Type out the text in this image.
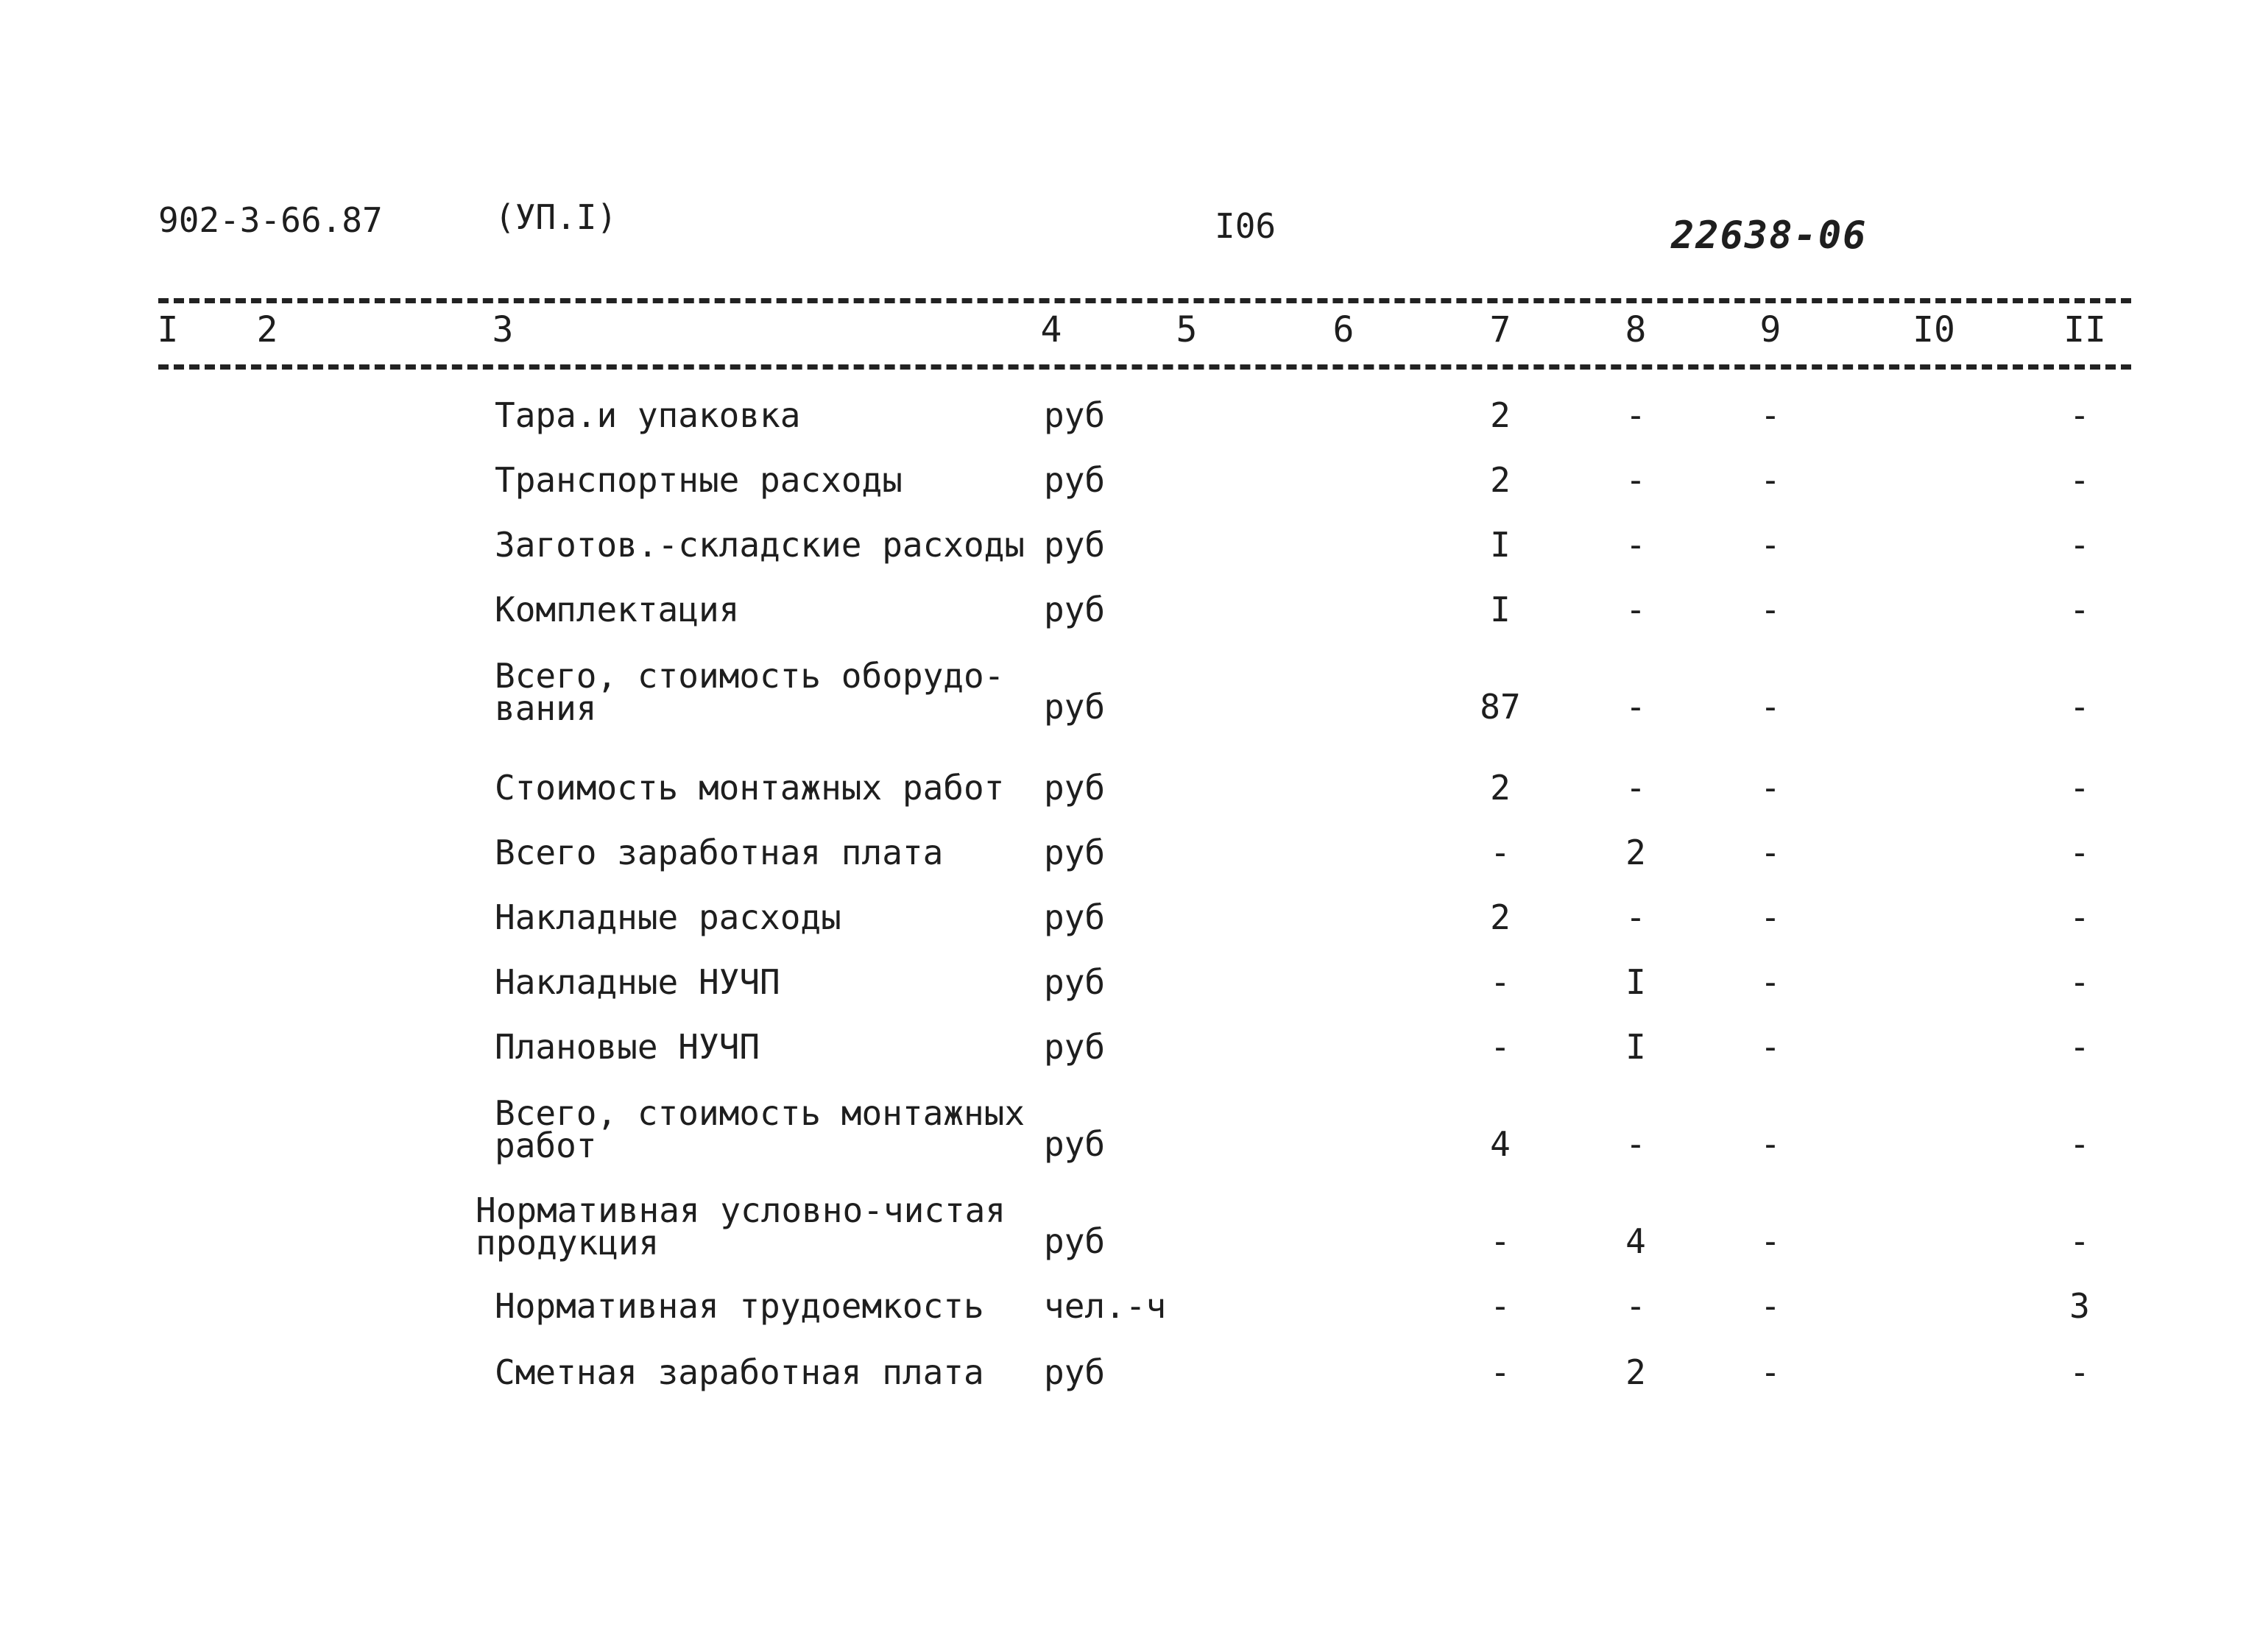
902-3-66.87	(УП.I)	I06	22638-06
I 2	3	4	5	6	7	8	9	I0	II
Тара.и упаковка	руб	2	-	-	-
Транспортные расходы	руб	2	-	-	-
Заготов.-складские расходы руб	I	-	-	-
Комплектация	руб	I	-	-	-
Всего, стоимость оборудо-
вания	руб	87	-	-	-
Стоимость монтажных работ руб	2	-	-	-
Всего заработная плата	руб	-	2	-	-
Накладные расходы	руб	2	-	-	-
Накладные НУЧП	руб	-	I	-	-
Плановые НУЧП	руб	-	I	-	-
Всего, стоимость монтажных
работ	руб	4	-	-	-
Нормативная условно-чистая
продукция	руб	-	4	-	-
Нормативная трудоемкость чел.-ч	-	-	-	3
Сметная заработная плата руб	-	2	-	-
